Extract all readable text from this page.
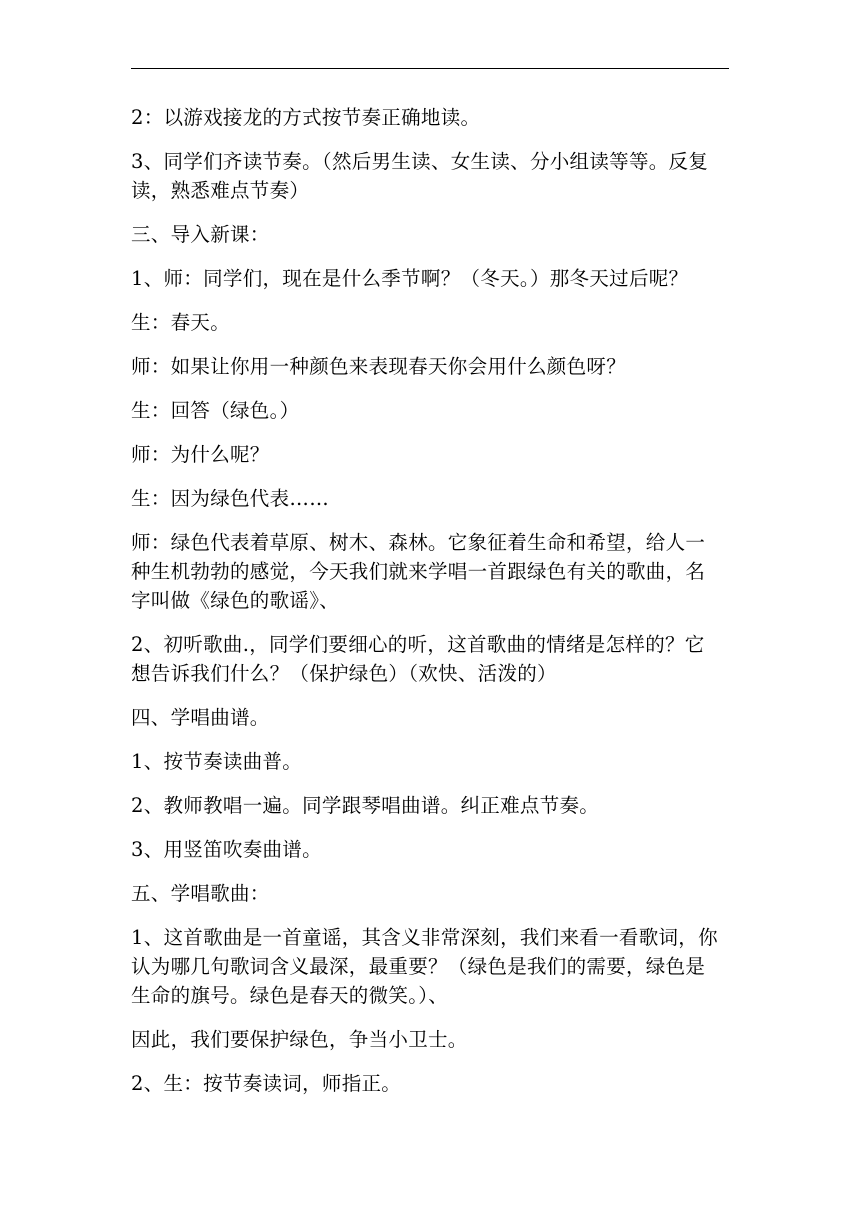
2：以游戏接龙的方式按节奏正确地读。

3、同学们齐读节奏。（然后男生读、女生读、分小组读等等。反复读，熟悉难点节奏）

三、导入新课：

1、师：同学们，现在是什么季节啊？（冬天。）那冬天过后呢？

生：春天。

师：如果让你用一种颜色来表现春天你会用什么颜色呀？

生：回答（绿色。）

师：为什么呢？

生：因为绿色代表……

师：绿色代表着草原、树木、森林。它象征着生命和希望，给人一种生机勃勃的感觉，今天我们就来学唱一首跟绿色有关的歌曲，名字叫做《绿色的歌谣》、

2、初听歌曲.，同学们要细心的听，这首歌曲的情绪是怎样的？它想告诉我们什么？（保护绿色）（欢快、活泼的）

四、学唱曲谱。

1、按节奏读曲普。

2、教师教唱一遍。同学跟琴唱曲谱。纠正难点节奏。

3、用竖笛吹奏曲谱。

五、学唱歌曲：

1、这首歌曲是一首童谣，其含义非常深刻，我们来看一看歌词，你认为哪几句歌词含义最深，最重要？（绿色是我们的需要，绿色是生命的旗号。绿色是春天的微笑。）、

因此，我们要保护绿色，争当小卫士。

2、生：按节奏读词，师指正。
